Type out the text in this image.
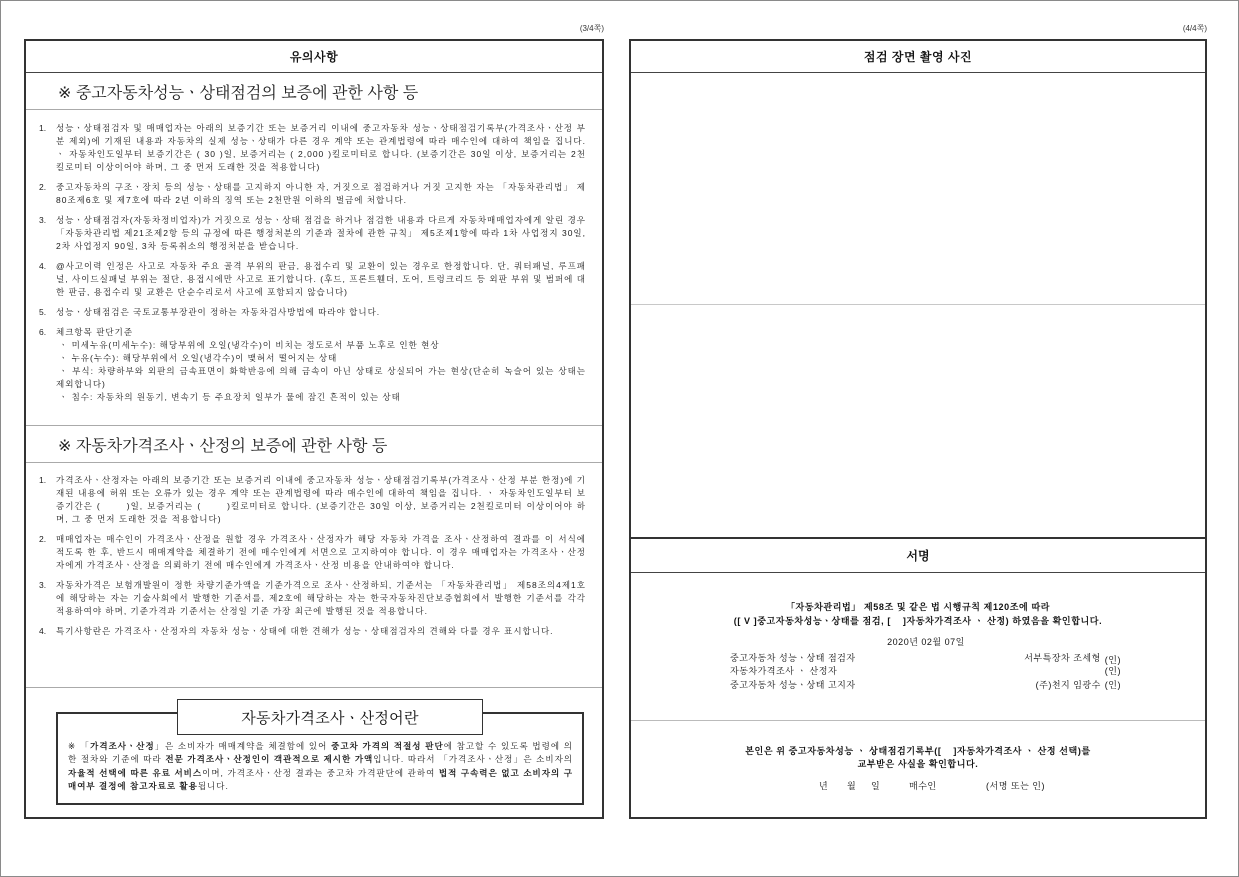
(3/4쪽)	(4/4쪽)
유의사항
※ 중고자동차성능ㆍ상태점검의 보증에 관한 사항 등
1. 성능ㆍ상태점검자 및 매매업자는 아래의 보증기간 또는 보증거리 이내에 중고자동차 성능ㆍ상태점검기록부(가격조사ㆍ산정 부분 제외)에 기재된 내용과 자동차의 실제 성능ㆍ상태가 다른 경우 계약 또는 관계법령에 따라 매수인에 대하여 책임을 집니다. ㆍ 자동차인도일부터 보증기간은 ( 30 )일, 보증거리는 ( 2,000 )킬로미터로 합니다. (보증기간은 30일 이상, 보증거리는 2천킬로미터 이상이어야 하며, 그 중 먼저 도래한 것을 적용합니다)
2. 중고자동차의 구조ㆍ장치 등의 성능ㆍ상태를 고지하지 아니한 자, 거짓으로 점검하거나 거짓 고지한 자는 「자동차관리법」 제80조제6호 및 제7호에 따라 2년 이하의 징역 또는 2천만원 이하의 벌금에 처합니다.
3. 성능ㆍ상태점검자(자동차정비업자)가 거짓으로 성능ㆍ상태 점검을 하거나 점검한 내용과 다르게 자동차매매업자에게 알린 경우 「자동차관리법 제21조제2항 등의 규정에 따른 행정처분의 기준과 절차에 관한 규칙」 제5조제1항에 따라 1차 사업정지 30일, 2차 사업정지 90일, 3차 등록취소의 행정처분을 받습니다.
4. @사고이력 인정은 사고로 자동차 주요 골격 부위의 판금, 용접수리 및 교환이 있는 경우로 한정합니다. 단, 쿼터패널, 루프패널, 사이드실패널 부위는 절단, 용접시에만 사고로 표기합니다. (후드, 프론트휀더, 도어, 트렁크리드 등 외판 부위 및 범퍼에 대한 판금, 용접수리 및 교환은 단순수리로서 사고에 포함되지 않습니다)
5. 성능ㆍ상태점검은 국토교통부장관이 정하는 자동차검사방법에 따라야 합니다.
6. 체크항목 판단기준
ㆍ 미세누유(미세누수): 해당부위에 오일(냉각수)이 비치는 정도로서 부품 노후로 인한 현상
ㆍ 누유(누수): 해당부위에서 오일(냉각수)이 맺혀서 떨어지는 상태
ㆍ 부식: 차량하부와 외판의 금속표면이 화학반응에 의해 금속이 아닌 상태로 상실되어 가는 현상(단순히 녹슬어 있는 상태는 제외합니다)
ㆍ 침수: 자동차의 원동기, 변속기 등 주요장치 일부가 물에 잠긴 흔적이 있는 상태
※ 자동차가격조사ㆍ산정의 보증에 관한 사항 등
1. 가격조사ㆍ산정자는 아래의 보증기간 또는 보증거리 이내에 중고자동차 성능ㆍ상태점검기록부(가격조사ㆍ산정 부분 한정)에 기재된 내용에 허위 또는 오류가 있는 경우 계약 또는 관계법령에 따라 매수인에 대하여 책임을 집니다. ㆍ 자동차인도일부터 보증기간은 (	)일, 보증거리는 (	)킬로미터로 합니다. (보증기간은 30일 이상, 보증거리는 2천킬로미터 이상이어야 하며, 그 중 먼저 도래한 것을 적용합니다)
2. 매매업자는 매수인이 가격조사ㆍ산정을 원할 경우 가격조사ㆍ산정자가 해당 자동차 가격을 조사ㆍ산정하여 결과를 이 서식에 적도록 한 후, 반드시 매매계약을 체결하기 전에 매수인에게 서면으로 고지하여야 합니다. 이 경우 매매업자는 가격조사ㆍ산정자에게 가격조사ㆍ산정을 의뢰하기 전에 매수인에게 가격조사ㆍ산정 비용을 안내하여야 합니다.
3. 자동차가격은 보험개발원이 정한 차량기준가액을 기준가격으로 조사ㆍ산정하되, 기준서는 「자동차관리법」 제58조의4제1호에 해당하는 자는 기술사회에서 발행한 기준서를, 제2호에 해당하는 자는 한국자동차진단보증협회에서 발행한 기준서를 각각 적용하여야 하며, 기준가격과 기준서는 산정일 기준 가장 최근에 발행된 것을 적용합니다.
4. 특기사항란은 가격조사ㆍ산정자의 자동차 성능ㆍ상태에 대한 견해가 성능ㆍ상태점검자의 견해와 다를 경우 표시합니다.
자동차가격조사ㆍ산정어란
※ 「가격조사ㆍ산정」은 소비자가 매매계약을 체결함에 있어 중고차 가격의 적절성 판단에 참고할 수 있도록 법령에 의한 절차와 기준에 따라 전문 가격조사ㆍ산정인이 객관적으로 제시한 가액입니다. 따라서 「가격조사ㆍ산정」은 소비자의 자율적 선택에 따른 유료 서비스이며, 가격조사ㆍ산정 결과는 중고차 가격판단에 관하여 법적 구속력은 없고 소비자의 구매여부 결정에 참고자료로 활용됩니다.
점검 장면 촬영 사진
서명
「자동차관리법」 제58조 및 같은 법 시행규칙 제120조에 따라
([ V ]중고자동차성능ㆍ상태를 점검, [ ]자동차가격조사 ㆍ 산정) 하였음을 확인합니다.
2020년 02월 07일
중고자동차 성능ㆍ상태 점검자	서부특장차 조세형 (인)
자동차가격조사 ㆍ 산정자	(인)
중고자동차 성능ㆍ상태 고지자	(주)천지 임광수 (인)
본인은 위 중고자동차성능 ㆍ 상태점검기록부([ ]자동차가격조사 ㆍ 산정 선택)를
교부받은 사실을 확인합니다.
년 월 일	매수인	(서명 또는 인)
